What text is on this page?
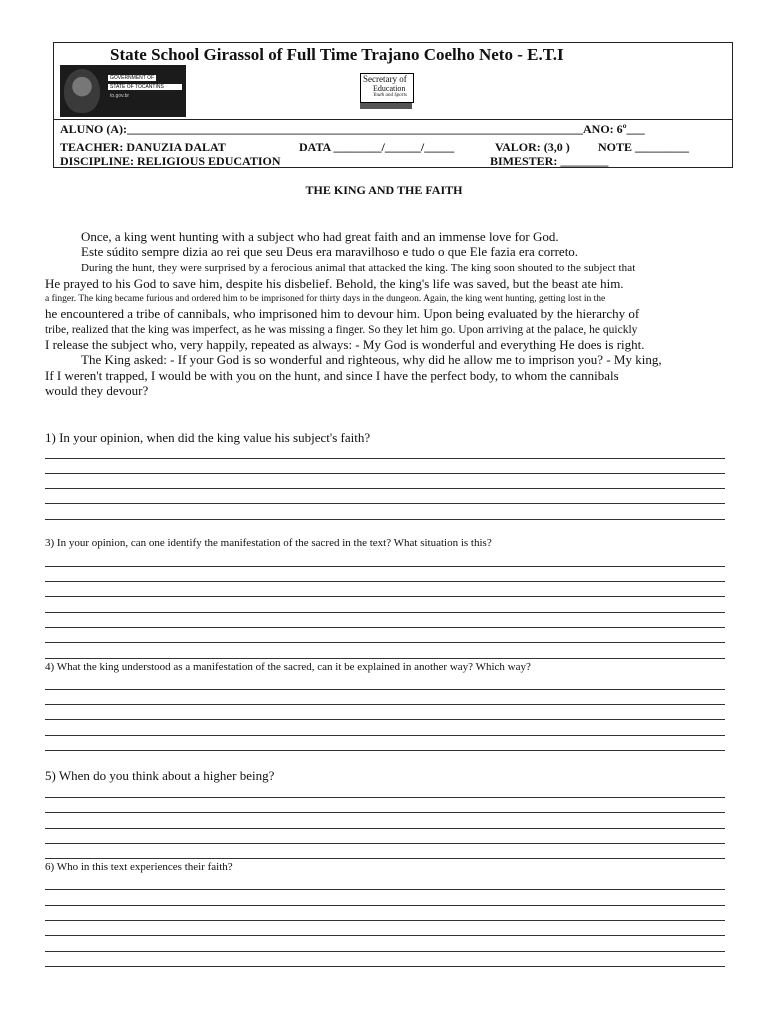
State School Girassol of Full Time Trajano Coelho Neto - E.T.I
GOVERNMENT OF
STATE OF TOCANTINS
to.gov.br
Secretary of
Education
Youth and Sports
ALUNO (A):____________________________________________________________________________ANO: 6º___
TEACHER: DANUZIA DALAT	DATA ________/______/_____	VALOR: (3,0 ) NOTE _________
DISCIPLINE: RELIGIOUS EDUCATION	BIMESTER: ________
THE KING AND THE FAITH
Once, a king went hunting with a subject who had great faith and an immense love for God.
Este súdito sempre dizia ao rei que seu Deus era maravilhoso e tudo o que Ele fazia era correto.
During the hunt, they were surprised by a ferocious animal that attacked the king. The king soon shouted to the subject that
He prayed to his God to save him, despite his disbelief. Behold, the king's life was saved, but the beast ate him.
a finger. The king became furious and ordered him to be imprisoned for thirty days in the dungeon. Again, the king went hunting, getting lost in the
he encountered a tribe of cannibals, who imprisoned him to devour him. Upon being evaluated by the hierarchy of
tribe, realized that the king was imperfect, as he was missing a finger. So they let him go. Upon arriving at the palace, he quickly
I release the subject who, very happily, repeated as always: - My God is wonderful and everything He does is right.
The King asked: - If your God is so wonderful and righteous, why did he allow me to imprison you? - My king,
If I weren't trapped, I would be with you on the hunt, and since I have the perfect body, to whom the cannibals
would they devour?
1) In your opinion, when did the king value his subject's faith?
3) In your opinion, can one identify the manifestation of the sacred in the text? What situation is this?
4) What the king understood as a manifestation of the sacred, can it be explained in another way? Which way?
5) When do you think about a higher being?
6) Who in this text experiences their faith?
